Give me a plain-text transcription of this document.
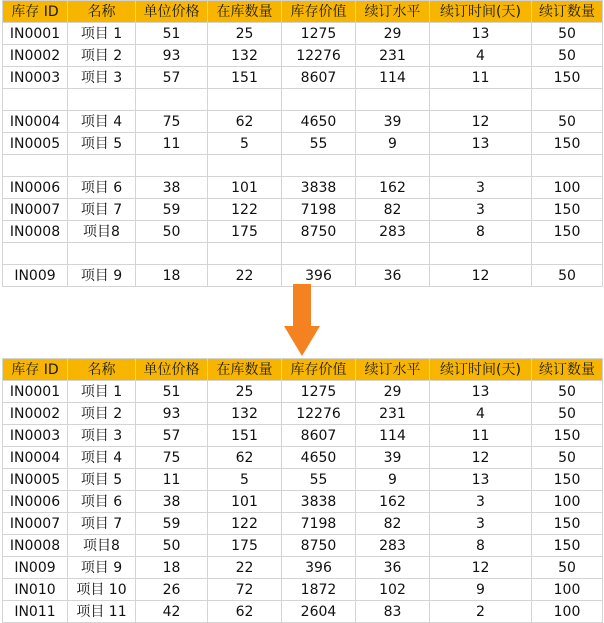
库存 ID	名称	单位价格	在库数量	库存价值	续订水平	续订时间(天)	续订数量
IN0001	项目 1	51	25	1275	29	13	50
IN0002	项目 2	93	132	12276	231	4	50
IN0003	项目 3	57	151	8607	114	11	150

IN0004	项目 4	75	62	4650	39	12	50
IN0005	项目 5	11	5	55	9	13	150

IN0006	项目 6	38	101	3838	162	3	100
IN0007	项目 7	59	122	7198	82	3	150
IN0008	项目8	50	175	8750	283	8	150

IN009	项目 9	18	22	396	36	12	50
库存 ID	名称	单位价格	在库数量	库存价值	续订水平	续订时间(天)	续订数量
IN0001	项目 1	51	25	1275	29	13	50
IN0002	项目 2	93	132	12276	231	4	50
IN0003	项目 3	57	151	8607	114	11	150
IN0004	项目 4	75	62	4650	39	12	50
IN0005	项目 5	11	5	55	9	13	150
IN0006	项目 6	38	101	3838	162	3	100
IN0007	项目 7	59	122	7198	82	3	150
IN0008	项目8	50	175	8750	283	8	150
IN009	项目 9	18	22	396	36	12	50
IN010	项目 10	26	72	1872	102	9	100
IN011	项目 11	42	62	2604	83	2	100
